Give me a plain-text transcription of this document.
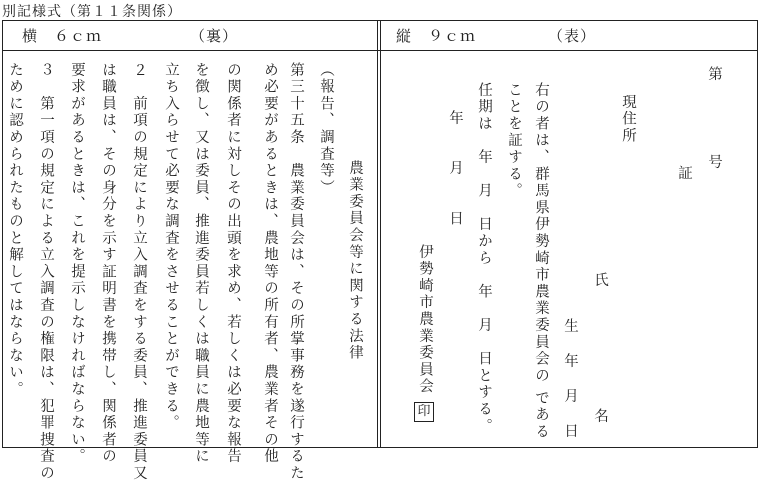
別記様式（第１１条関係）
横　６ｃｍ	（裏）
農業委員会等に関する法律
（報告、調査等）
第三十五条　農業委員会は、その所掌事務を遂行するた
め必要があるときは、農地等の所有者、農業者その他
の関係者に対しその出頭を求め、若しくは必要な報告
を徴し、又は委員、推進委員若しくは職員に農地等に
立ち入らせて必要な調査をさせることができる。
２　前項の規定により立入調査をする委員、推進委員又
は職員は、その身分を示す証明書を携帯し、関係者の
要求があるときは、これを提示しなければならない。
３　第一項の規定による立入調査の権限は、犯罪捜査の
ために認められたものと解してはならない。
縦　９ｃｍ	（表）
第
号
証
現住所
氏
名
生　年　月　日
右の者は、群馬県伊勢崎市農業委員会の
である
ことを証する。
任期は　年　月　日から　年　月　日とする。
年　　月　　日
伊勢崎市農業委員会
印
